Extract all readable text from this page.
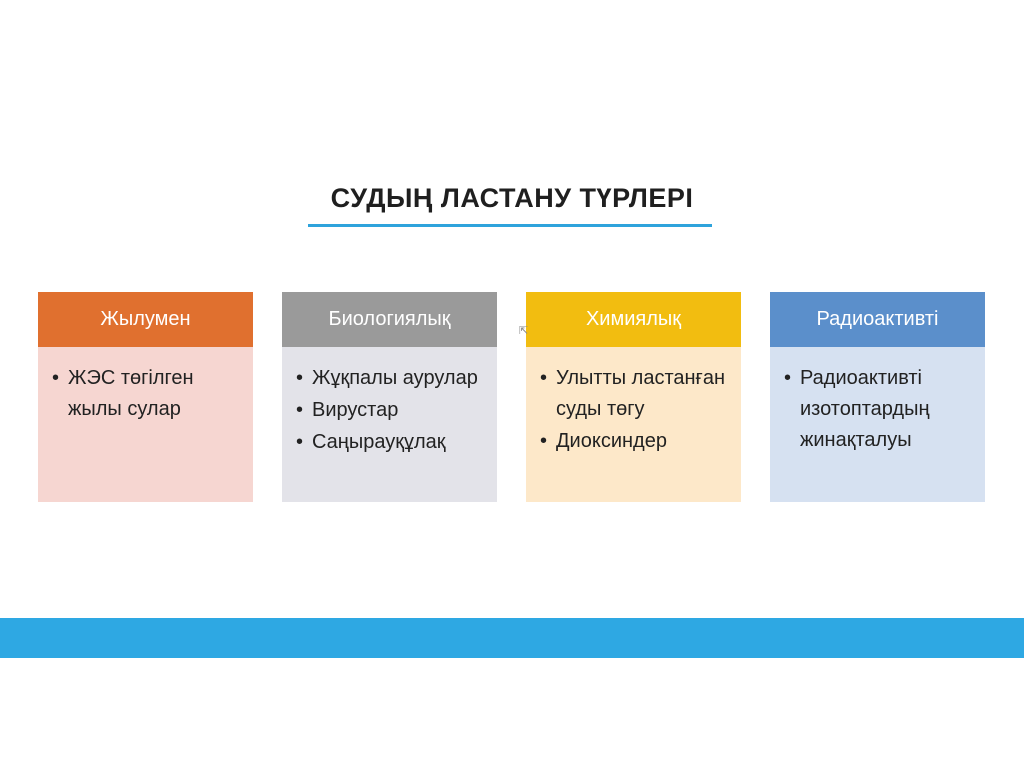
СУДЫҢ ЛАСТАНУ ТҮРЛЕРІ
Жылумен
• ЖЭС төгілген жылы сулар
Биологиялық
• Жұқпалы аурулар
• Вирустар
• Саңырауқұлақ
Химиялық
• Улытты ластанған суды төгу
• Диоксиндер
Радиоактивті
• Радиоактивті изотоптардың жинақталуы
⇱
